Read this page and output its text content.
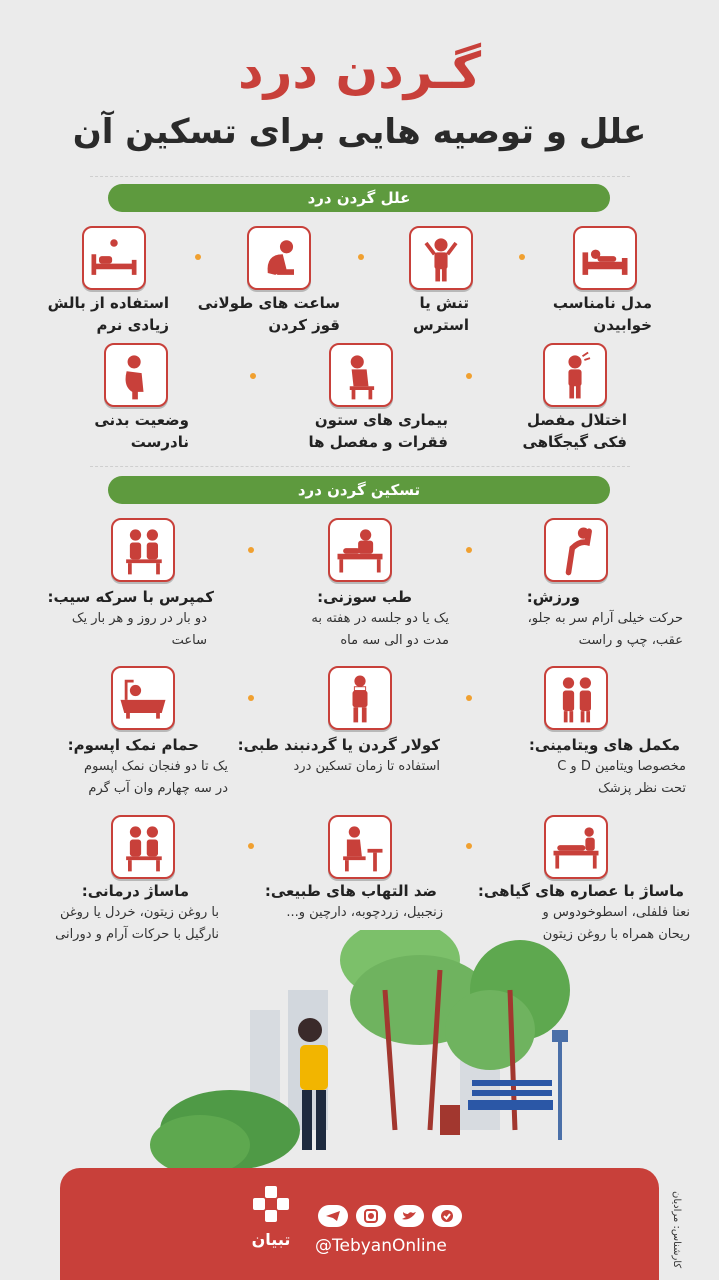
گـردن درد
علل و توصیه هایی برای تسکین آن
علل گردن درد
مدل نامناسب
خوابیدن
تنش یا
استرس
ساعت های طولانی
قوز کردن
استفاده از بالش
زیادی نرم
اختلال مفصل
فکی گیجگاهی
بیماری های ستون
فقرات و مفصل ها
وضعیت بدنی
نادرست
تسکین گردن درد
ورزش:
حرکت خیلی آرام سر به جلو،
عقب، چپ و راست
طب سوزنی:
یک یا دو جلسه در هفته به
مدت دو الی سه ماه
کمپرس با سرکه سیب:
دو بار در روز و هر بار یک
ساعت
مکمل های ویتامینی:
مخصوصا ویتامین D و C
تحت نظر پزشک
کولار گردن یا گردنبند طبی:
استفاده تا زمان تسکین درد
حمام نمک اپسوم:
یک تا دو فنجان نمک اپسوم
در سه چهارم وان آب گرم
ماساژ با عصاره های گیاهی:
نعنا فلفلی، اسطوخودوس و
ریحان همراه با روغن زیتون
ضد التهاب های طبیعی:
زنجبیل، زردچوبه، دارچین و...
ماساژ درمانی:
با روغن زیتون، خردل یا روغن
نارگیل با حرکات آرام و دورانی
تبیان	@TebyanOnline	کارشناس: مرادیان
